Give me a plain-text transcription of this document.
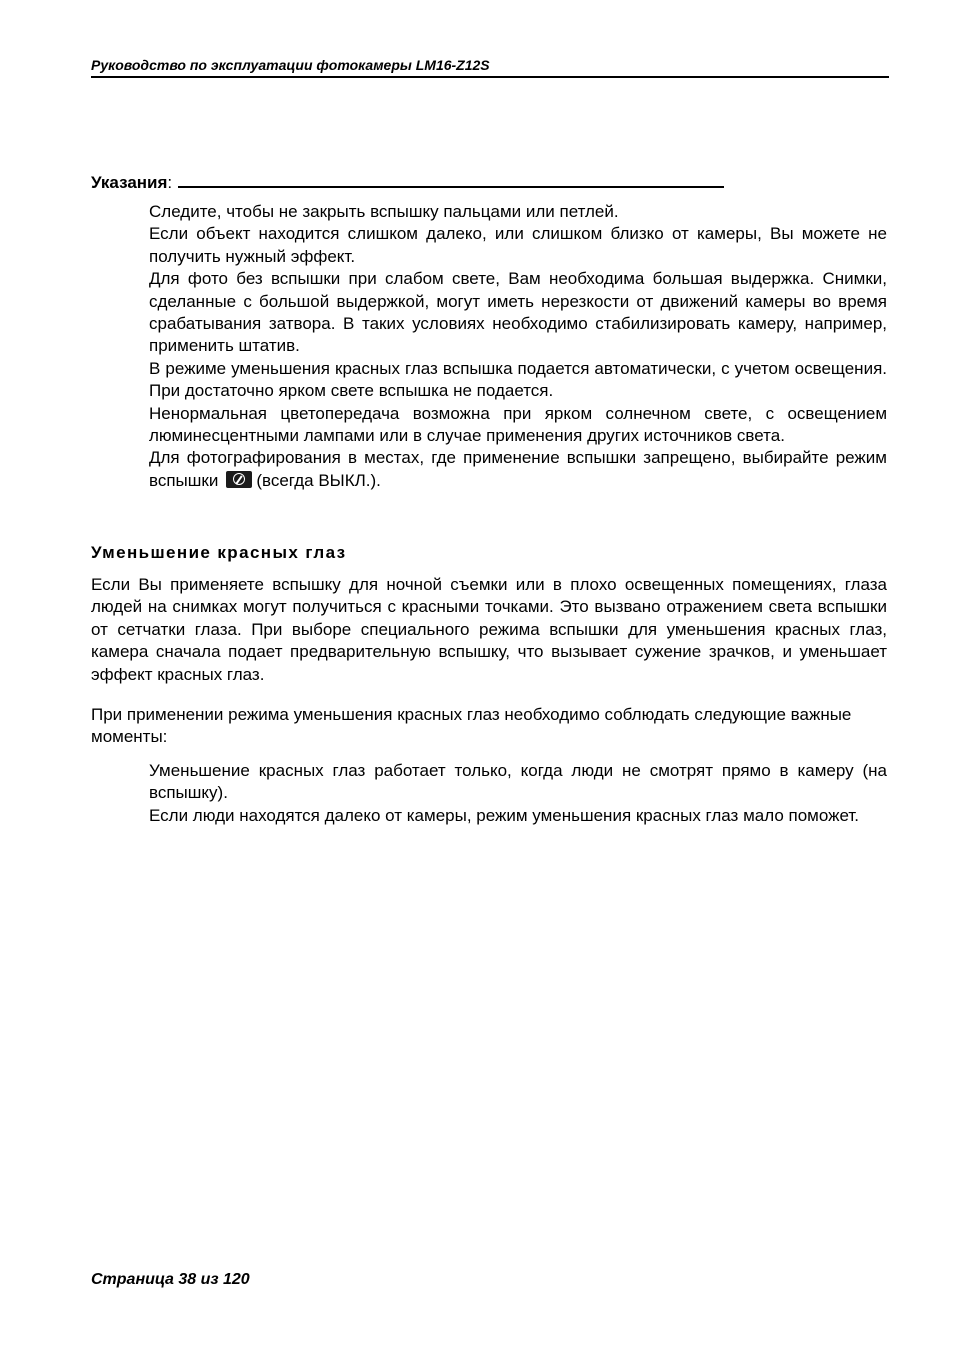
Руководство по эксплуатации фотокамеры LM16-Z12S
Указания:

Следите, чтобы не закрыть вспышку пальцами или петлей.

Если объект находится слишком далеко, или слишком близко от камеры, Вы можете не получить нужный эффект.

Для фото без вспышки при слабом свете, Вам необходима большая выдержка. Снимки, сделанные с большой выдержкой, могут иметь нерезкости от движений камеры во время срабатывания затвора. В таких условиях необходимо стабилизировать камеру, например, применить штатив.

В режиме уменьшения красных глаз вспышка подается автоматически, с учетом освещения. При достаточно ярком свете вспышка не подается.

Ненормальная цветопередача возможна при ярком солнечном свете, с освещением люминесцентными лампами или в случае применения других источников света.

Для фотографирования в местах, где применение вспышки запрещено, выбирайте режим вспышки (всегда ВЫКЛ.).

Уменьшение красных глаз
Если Вы применяете вспышку для ночной съемки или в плохо освещенных помещениях, глаза людей на снимках могут получиться с красными точками. Это вызвано отражением света вспышки от сетчатки глаза. При выборе специального режима вспышки для уменьшения красных глаз, камера сначала подает предварительную вспышку, что вызывает сужение зрачков, и уменьшает эффект красных глаз.
При применении режима уменьшения красных глаз необходимо соблюдать следующие важные моменты:

Уменьшение красных глаз работает только, когда люди не смотрят прямо в камеру (на вспышку).

Если люди находятся далеко от камеры, режим уменьшения красных глаз мало поможет.

Страница 38 из 120
